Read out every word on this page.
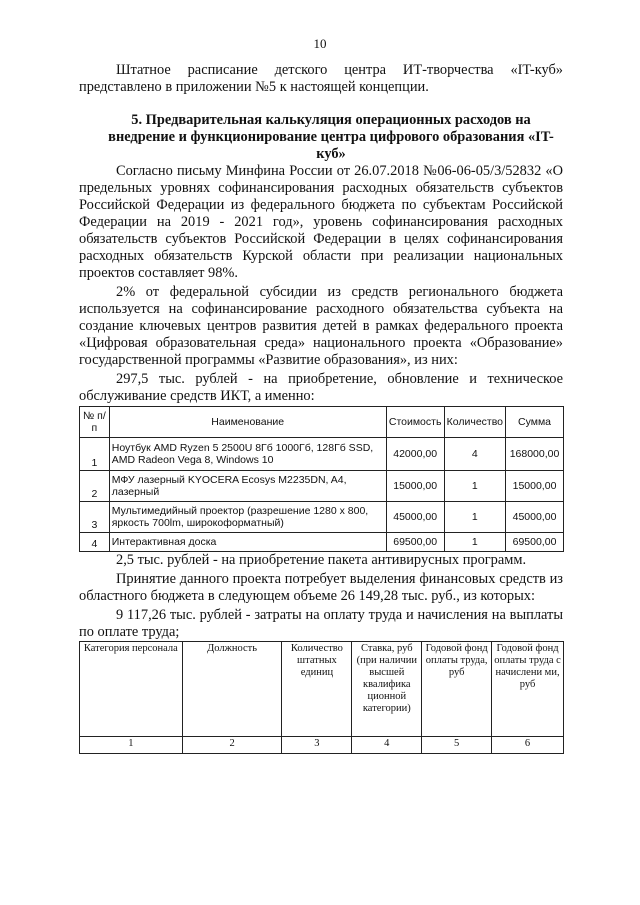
10

Штатное расписание детского центра ИТ-творчества «IT-куб» представлено в приложении №5 к настоящей концепции.

5. Предварительная калькуляция операционных расходов на внедрение и функционирование центра цифрового образования «IT-куб»

Согласно письму Минфина России от 26.07.2018 №06-06-05/3/52832 «О предельных уровнях софинансирования расходных обязательств субъектов Российской Федерации из федерального бюджета по субъектам Российской Федерации на 2019 - 2021 год», уровень софинансирования расходных обязательств субъектов Российской Федерации в целях софинансирования расходных обязательств Курской области при реализации национальных проектов составляет 98%.

2% от федеральной субсидии из средств регионального бюджета используется на софинансирование расходного обязательства субъекта на создание ключевых центров развития детей в рамках федерального проекта «Цифровая образовательная среда» национального проекта «Образование» государственной программы «Развитие образования», из них:

297,5 тыс. рублей - на приобретение, обновление и техническое обслуживание средств ИКТ, а именно:

№ п/п	Наименование	Стоимость	Количество	Сумма
1	Ноутбук AMD Ryzen 5 2500U 8Гб 1000Гб, 128Гб SSD, AMD Radeon Vega 8, Windows 10	42000,00	4	168000,00
2	МФУ лазерный KYOCERA Ecosys M2235DN, A4, лазерный	15000,00	1	15000,00
3	Мультимедийный проектор (разрешение 1280 х 800, яркость 700lm, широкоформатный)	45000,00	1	45000,00
4	Интерактивная доска	69500,00	1	69500,00

2,5 тыс. рублей - на приобретение пакета антивирусных программ.

Принятие данного проекта потребует выделения финансовых средств из областного бюджета в следующем объеме 26 149,28 тыс. руб., из которых:

9 117,26 тыс. рублей - затраты на оплату труда и начисления на выплаты по оплате труда;

Категория персонала	Должность	Количество штатных единиц	Ставка, руб (при наличии высшей квалифика ционной категории)	Годовой фонд оплаты труда, руб	Годовой фонд оплаты труда с начислени ми, руб
1	2	3	4	5	6
